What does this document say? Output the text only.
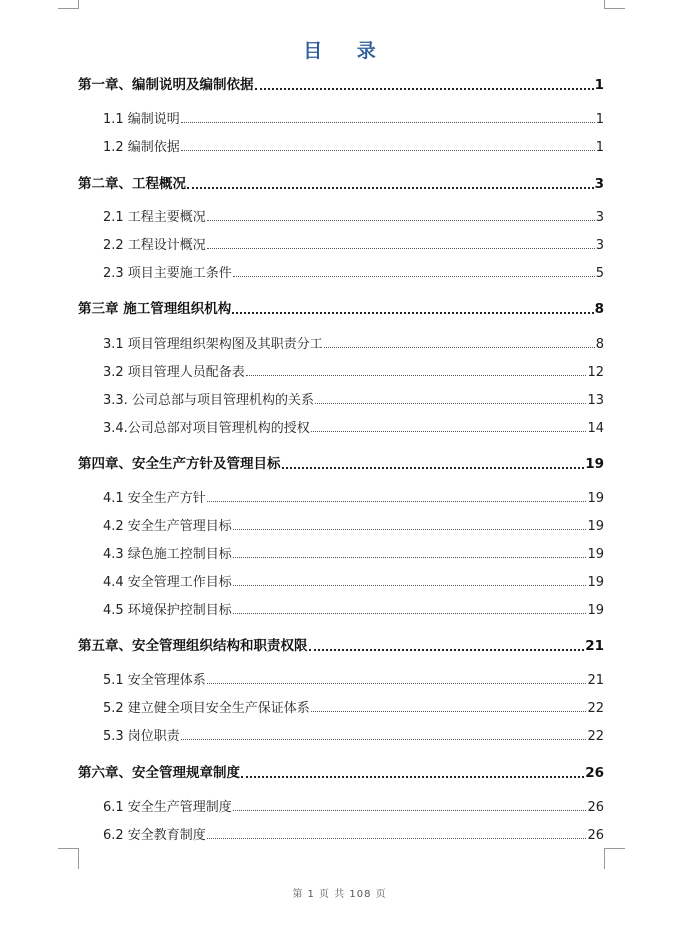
目 录
第一章、编制说明及编制依据	1
1.1 编制说明	1
1.2 编制依据	1
第二章、工程概况	3
2.1 工程主要概况	3
2.2 工程设计概况	3
2.3 项目主要施工条件	5
第三章 施工管理组织机构	8
3.1 项目管理组织架构图及其职责分工	8
3.2 项目管理人员配备表	12
3.3. 公司总部与项目管理机构的关系	13
3.4.公司总部对项目管理机构的授权	14
第四章、安全生产方针及管理目标	19
4.1 安全生产方针	19
4.2 安全生产管理目标	19
4.3 绿色施工控制目标	19
4.4 安全管理工作目标	19
4.5 环境保护控制目标	19
第五章、安全管理组织结构和职责权限	21
5.1 安全管理体系	21
5.2 建立健全项目安全生产保证体系	22
5.3 岗位职责	22
第六章、安全管理规章制度	26
6.1 安全生产管理制度	26
6.2 安全教育制度	26
第 1 页 共 108 页
